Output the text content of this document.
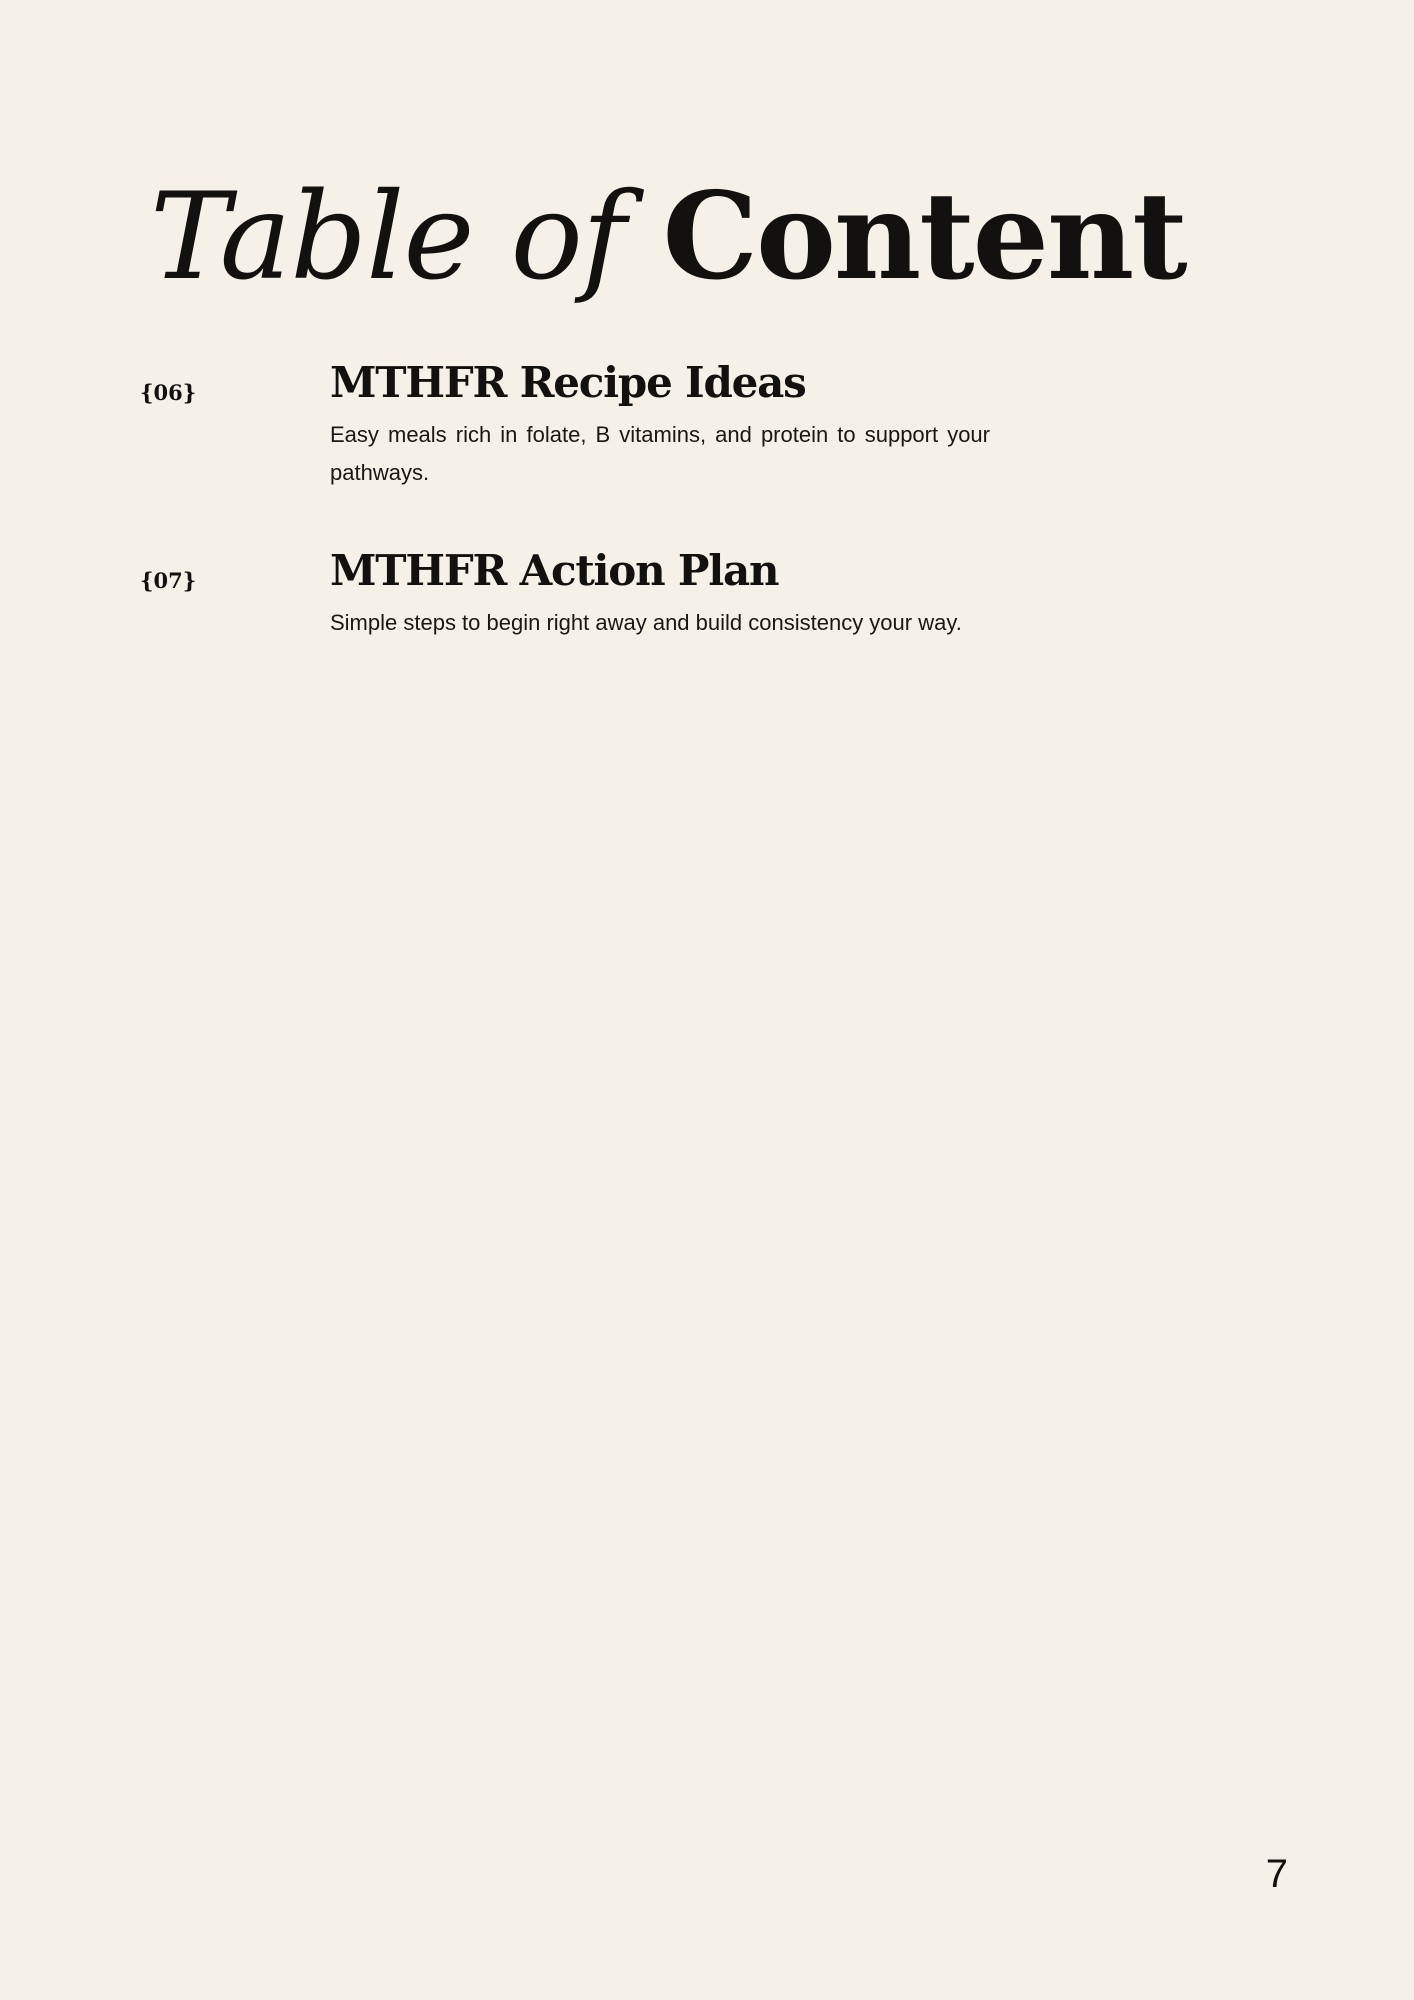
Table of Content
{06}	MTHFR Recipe Ideas

Easy meals rich in folate, B vitamins, and protein to support your pathways.

{07}	MTHFR Action Plan

Simple steps to begin right away and build consistency your way.

7
